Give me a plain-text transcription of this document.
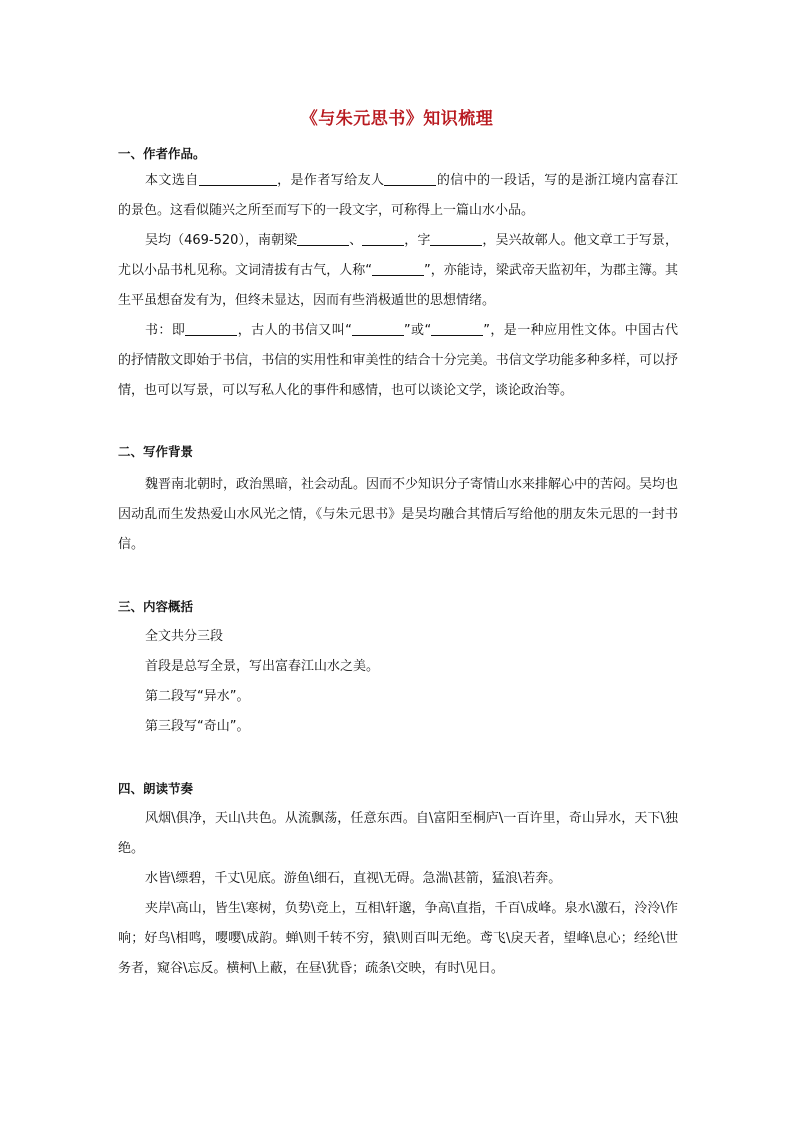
《与朱元思书》知识梳理
一、作者作品。
本文选自	，是作者写给友人	的信中的一段话，写的是浙江境内富春江的景色。这看似随兴之所至而写下的一段文字，可称得上一篇山水小品。
吴均（469-520），南朝梁	、	，字	，吴兴故鄣人。他文章工于写景，尤以小品书札见称。文词清拔有古气，人称“	”，亦能诗，梁武帝天监初年，为郡主簿。其生平虽想奋发有为，但终未显达，因而有些消极遁世的思想情绪。
书：即	，古人的书信又叫“	”或“	”，是一种应用性文体。中国古代的抒情散文即始于书信，书信的实用性和审美性的结合十分完美。书信文学功能多种多样，可以抒情，也可以写景，可以写私人化的事件和感情，也可以谈论文学，谈论政治等。
二、写作背景
魏晋南北朝时，政治黑暗，社会动乱。因而不少知识分子寄情山水来排解心中的苦闷。吴均也因动乱而生发热爱山水风光之情，《与朱元思书》是吴均融合其情后写给他的朋友朱元思的一封书信。
三、内容概括
全文共分三段
首段是总写全景，写出富春江山水之美。
第二段写“异水”。
第三段写“奇山”。
四、朗读节奏
风烟\俱净，天山\共色。从流飘荡，任意东西。自\富阳至桐庐\一百许里，奇山异水，天下\独绝。
水皆\缥碧，千丈\见底。游鱼\细石，直视\无碍。急湍\甚箭，猛浪\若奔。
夹岸\高山，皆生\寒树，负势\竞上，互相\轩邈，争高\直指，千百\成峰。泉水\激石，泠泠\作响；好鸟\相鸣，嘤嘤\成韵。蝉\则千转不穷，猿\则百叫无绝。鸢飞\戾天者，望峰\息心；经纶\世务者，窥谷\忘反。横柯\上蔽，在昼\犹昏；疏条\交映，有时\见日。
